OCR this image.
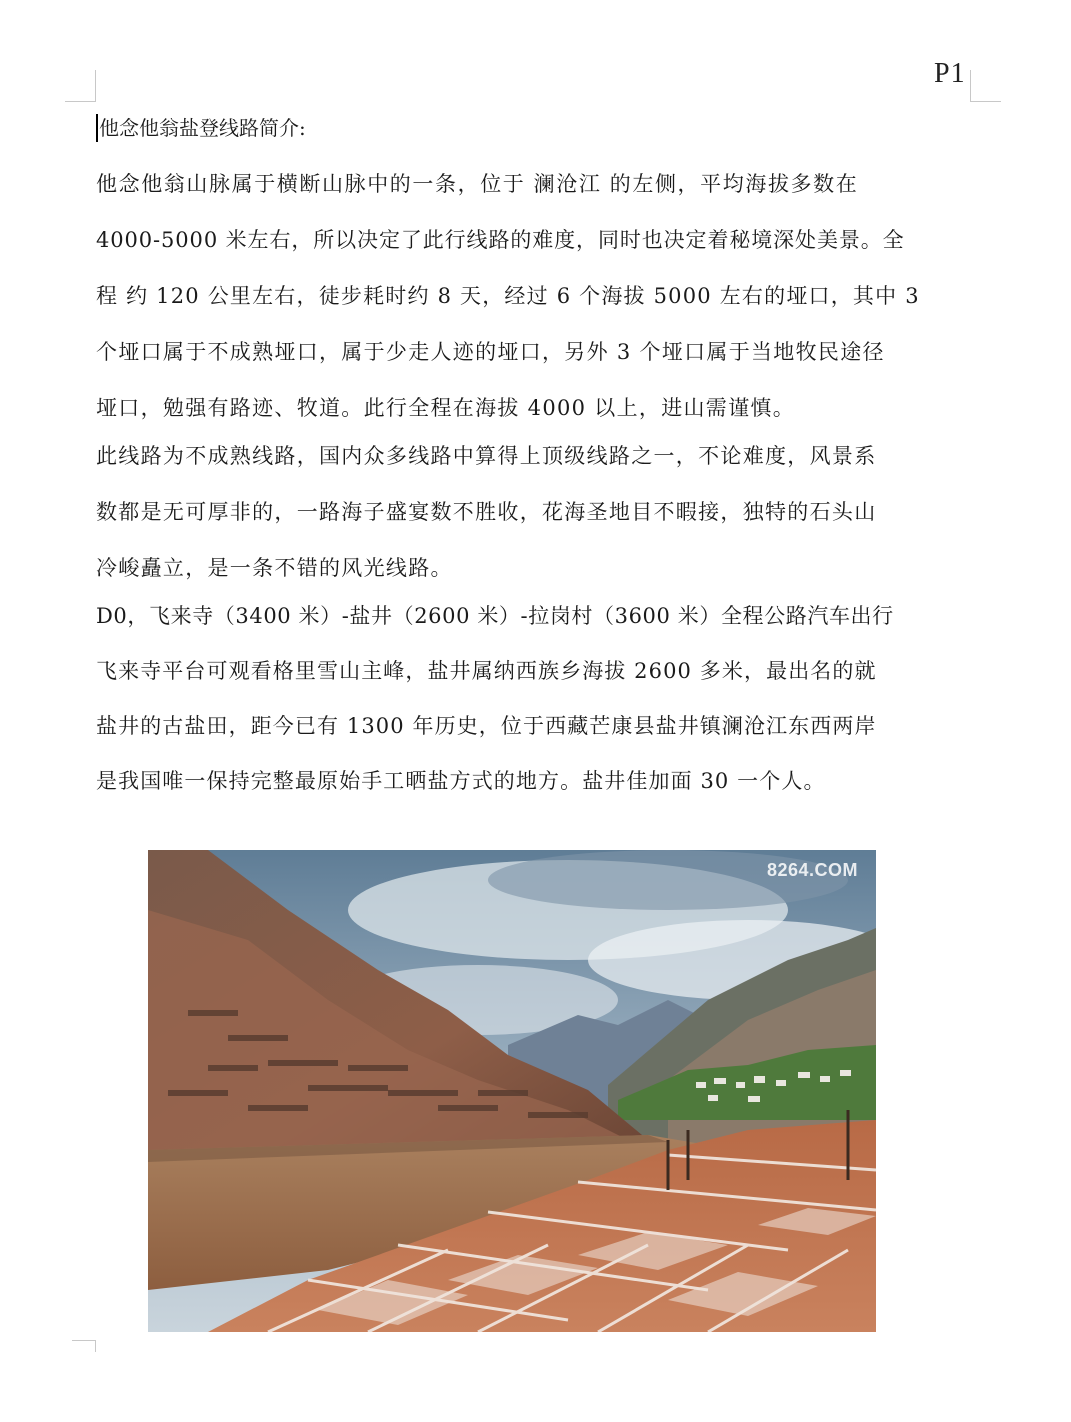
P1
他念他翁盐登线路简介:
他念他翁山脉属于横断山脉中的一条，位于 澜沧江 的左侧，平均海拔多数在
4000-5000 米左右，所以决定了此行线路的难度，同时也决定着秘境深处美景。全
程 约 120 公里左右，徒步耗时约 8 天，经过 6 个海拔 5000 左右的垭口，其中 3
个垭口属于不成熟垭口，属于少走人迹的垭口，另外 3 个垭口属于当地牧民途径
垭口，勉强有路迹、牧道。此行全程在海拔 4000 以上，进山需谨慎。
此线路为不成熟线路，国内众多线路中算得上顶级线路之一，不论难度，风景系
数都是无可厚非的，一路海子盛宴数不胜收，花海圣地目不暇接，独特的石头山
冷峻矗立，是一条不错的风光线路。
D0，飞来寺（3400 米）-盐井（2600 米）-拉岗村（3600 米）全程公路汽车出行
飞来寺平台可观看格里雪山主峰，盐井属纳西族乡海拔 2600 多米，最出名的就
盐井的古盐田，距今已有 1300 年历史，位于西藏芒康县盐井镇澜沧江东西两岸
是我国唯一保持完整最原始手工晒盐方式的地方。盐井佳加面 30 一个人。
8264.COM
